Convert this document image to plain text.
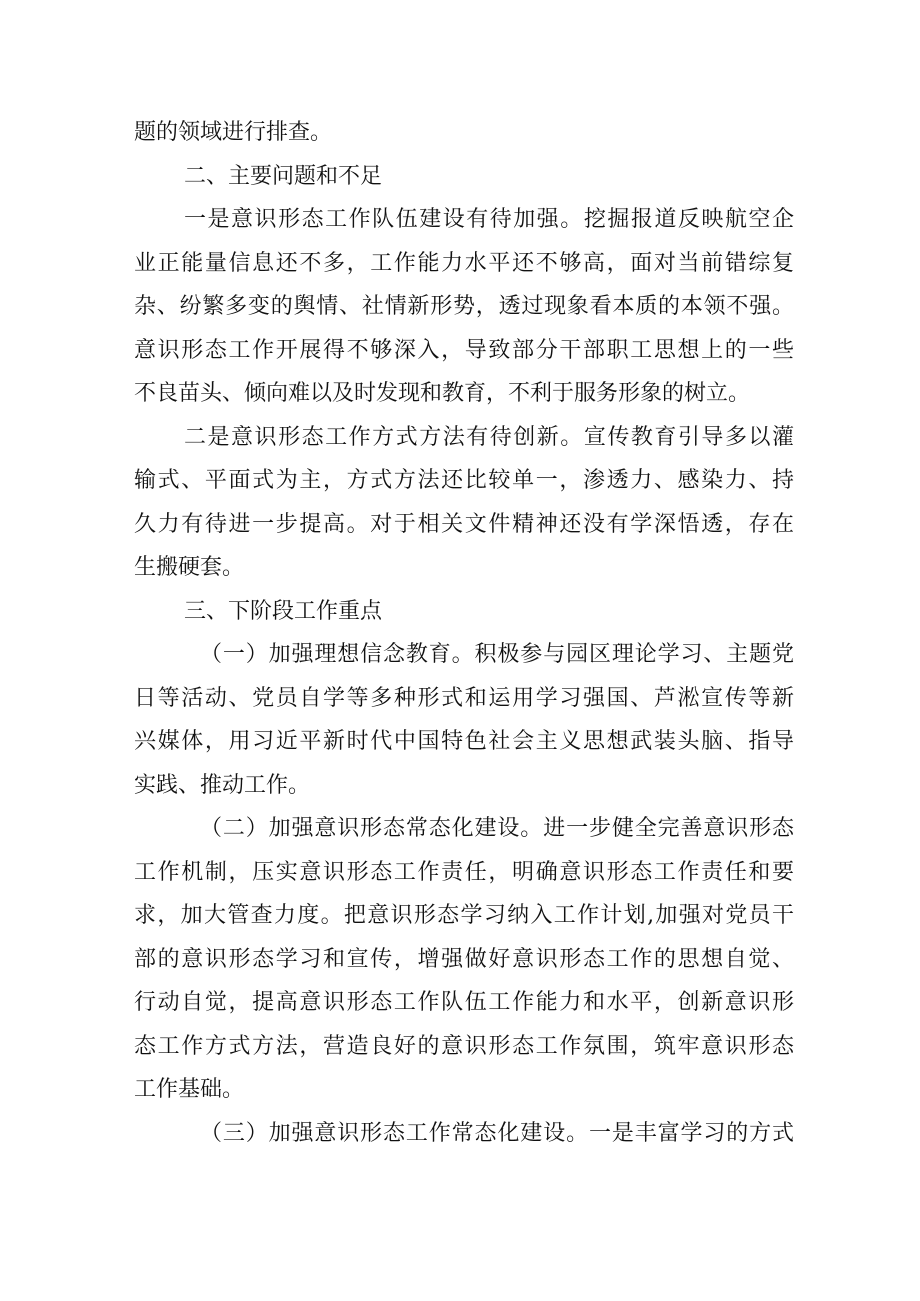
题的领域进行排查。
二、主要问题和不足
一是意识形态工作队伍建设有待加强。挖掘报道反映航空企
业正能量信息还不多，工作能力水平还不够高，面对当前错综复
杂、纷繁多变的舆情、社情新形势，透过现象看本质的本领不强。
意识形态工作开展得不够深入，导致部分干部职工思想上的一些
不良苗头、倾向难以及时发现和教育，不利于服务形象的树立。
二是意识形态工作方式方法有待创新。宣传教育引导多以灌
输式、平面式为主，方式方法还比较单一，渗透力、感染力、持
久力有待进一步提高。对于相关文件精神还没有学深悟透，存在
生搬硬套。
三、下阶段工作重点
（一）加强理想信念教育。积极参与园区理论学习、主题党
日等活动、党员自学等多种形式和运用学习强国、芦淞宣传等新
兴媒体，用习近平新时代中国特色社会主义思想武装头脑、指导
实践、推动工作。
（二）加强意识形态常态化建设。进一步健全完善意识形态
工作机制，压实意识形态工作责任，明确意识形态工作责任和要
求，加大管查力度。把意识形态学习纳入工作计划,加强对党员干
部的意识形态学习和宣传，增强做好意识形态工作的思想自觉、
行动自觉，提高意识形态工作队伍工作能力和水平，创新意识形
态工作方式方法，营造良好的意识形态工作氛围，筑牢意识形态
工作基础。
（三）加强意识形态工作常态化建设。一是丰富学习的方式
